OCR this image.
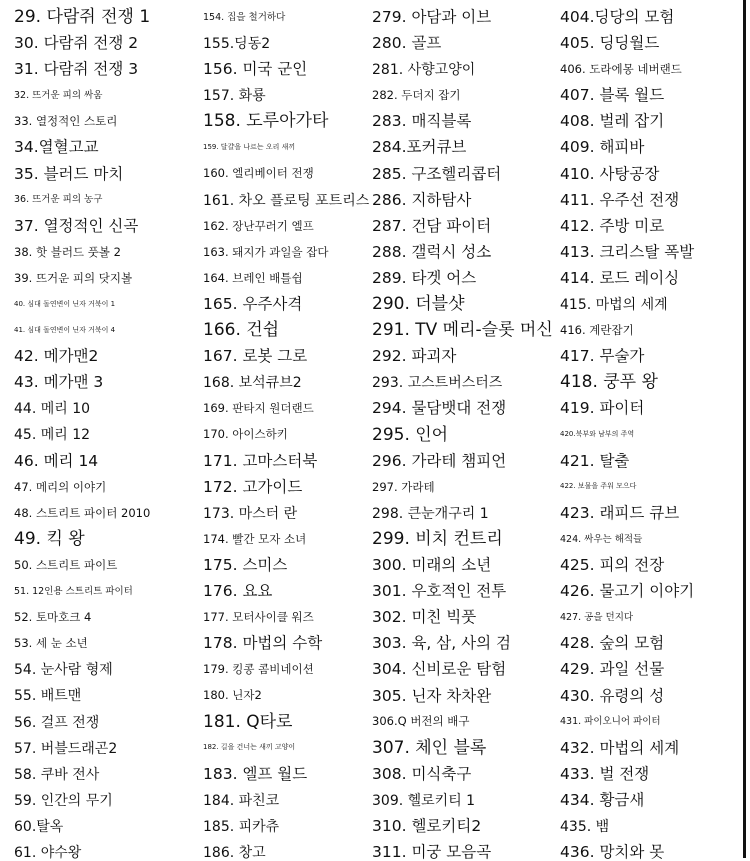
29. 다람쥐 전쟁 1
30. 다람쥐 전쟁 2
31. 다람쥐 전쟁 3
32. 뜨거운 피의 싸움
33. 열정적인 스토리
34.열혈고교
35. 블러드 마치
36. 뜨거운 피의 농구
37. 열정적인 신곡
38. 핫 블러드 풋볼 2
39. 뜨거운 피의 닷지볼
40. 심대 돌연변이 닌자 거북이 1
41. 심대 돌연변이 닌자 거북이 4
42. 메가맨2
43. 메가맨 3
44. 메리 10
45. 메리 12
46. 메리 14
47. 메리의 이야기
48. 스트리트 파이터 2010
49. 킥 왕
50. 스트리트 파이트
51. 12인용 스트리트 파이터
52. 토마호크 4
53. 세 눈 소년
54. 눈사람 형제
55. 배트맨
56. 걸프 전쟁
57. 버블드래곤2
58. 쿠바 전사
59. 인간의 무기
60.탈옥
61. 야수왕
154. 집을 철거하다
155.딩동2
156. 미국 군인
157. 화룡
158. 도루아가타
159. 달걀을 나르는 오리 새끼
160. 엘리베이터 전쟁
161. 차오 플로팅 포트리스
162. 장난꾸러기 엘프
163. 돼지가 과일을 잡다
164. 브레인 배틀쉽
165. 우주사격
166. 건쉽
167. 로봇 그로
168. 보석큐브2
169. 판타지 원더랜드
170. 아이스하키
171. 고마스터북
172. 고가이드
173. 마스터 란
174. 빨간 모자 소녀
175. 스미스
176. 요요
177. 모터사이클 워즈
178. 마법의 수학
179. 킹콩 콤비네이션
180. 닌자2
181. Q타로
182. 길을 건너는 새끼 고양이
183. 엘프 월드
184. 파친코
185. 피카츄
186. 창고
279. 아담과 이브
280. 골프
281. 사향고양이
282. 두더지 잡기
283. 매직블록
284.포커큐브
285. 구조헬리콥터
286. 지하탐사
287. 건담 파이터
288. 갤럭시 성소
289. 타겟 어스
290. 더블샷
291. TV 메리-슬롯 머신
292. 파괴자
293. 고스트버스터즈
294. 물담뱃대 전쟁
295. 인어
296. 가라테 챔피언
297. 가라테
298. 큰눈개구리 1
299. 비치 컨트리
300. 미래의 소년
301. 우호적인 전투
302. 미친 빅풋
303. 육, 삼, 사의 검
304. 신비로운 탐험
305. 닌자 차차완
306.Q 버전의 배구
307. 체인 블록
308. 미식축구
309. 헬로키티 1
310. 헬로키티2
311. 미궁 모음곡
404.딩당의 모험
405. 딩딩월드
406. 도라에몽 네버랜드
407. 블록 월드
408. 벌레 잡기
409. 해피바
410. 사탕공장
411. 우주선 전쟁
412. 주방 미로
413. 크리스탈 폭발
414. 로드 레이싱
415. 마법의 세계
416. 계란잡기
417. 무술가
418. 쿵푸 왕
419. 파이터
420.북부와 남부의 주역
421. 탈출
422. 보물을 주워 모으다
423. 래피드 큐브
424. 싸우는 해적들
425. 피의 전장
426. 물고기 이야기
427. 공을 던지다
428. 숲의 모험
429. 과일 선물
430. 유령의 성
431. 파이오니어 파이터
432. 마법의 세계
433. 벌 전쟁
434. 황금새
435. 뱀
436. 망치와 못
